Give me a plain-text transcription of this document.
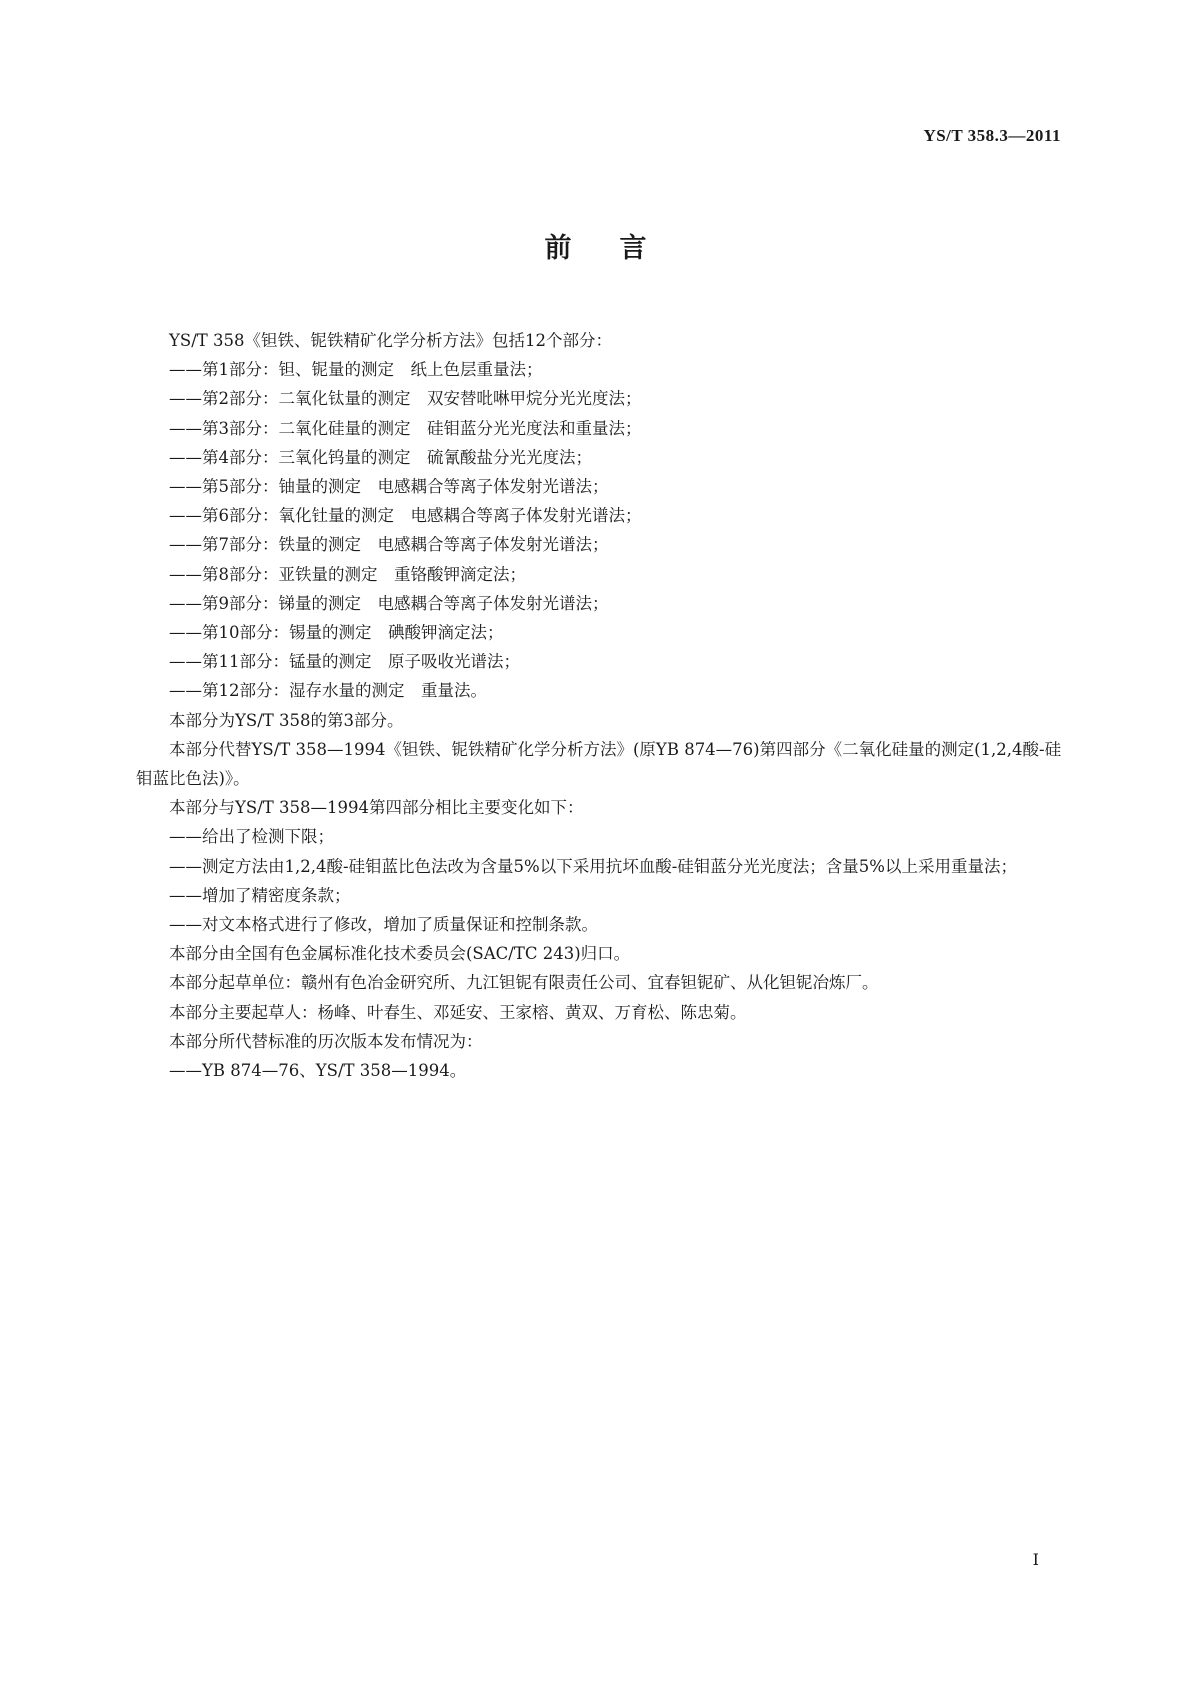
YS/T 358.3—2011

前言

YS/T 358《钽铁、铌铁精矿化学分析方法》包括12个部分：

——第1部分：钽、铌量的测定　纸上色层重量法；

——第2部分：二氧化钛量的测定　双安替吡啉甲烷分光光度法；

——第3部分：二氧化硅量的测定　硅钼蓝分光光度法和重量法；

——第4部分：三氧化钨量的测定　硫氰酸盐分光光度法；

——第5部分：铀量的测定　电感耦合等离子体发射光谱法；

——第6部分：氧化钍量的测定　电感耦合等离子体发射光谱法；

——第7部分：铁量的测定　电感耦合等离子体发射光谱法；

——第8部分：亚铁量的测定　重铬酸钾滴定法；

——第9部分：锑量的测定　电感耦合等离子体发射光谱法；

——第10部分：锡量的测定　碘酸钾滴定法；

——第11部分：锰量的测定　原子吸收光谱法；

——第12部分：湿存水量的测定　重量法。

本部分为YS/T 358的第3部分。

本部分代替YS/T 358—1994《钽铁、铌铁精矿化学分析方法》(原YB 874—76)第四部分《二氧化硅量的测定(1,2,4酸-硅钼蓝比色法)》。

本部分与YS/T 358—1994第四部分相比主要变化如下：

——给出了检测下限；

——测定方法由1,2,4酸-硅钼蓝比色法改为含量5%以下采用抗坏血酸-硅钼蓝分光光度法；含量5%以上采用重量法；

——增加了精密度条款；

——对文本格式进行了修改，增加了质量保证和控制条款。

本部分由全国有色金属标准化技术委员会(SAC/TC 243)归口。

本部分起草单位：赣州有色冶金研究所、九江钽铌有限责任公司、宜春钽铌矿、从化钽铌冶炼厂。

本部分主要起草人：杨峰、叶春生、邓延安、王家榕、黄双、万育松、陈忠菊。

本部分所代替标准的历次版本发布情况为：

——YB 874—76、YS/T 358—1994。

I
